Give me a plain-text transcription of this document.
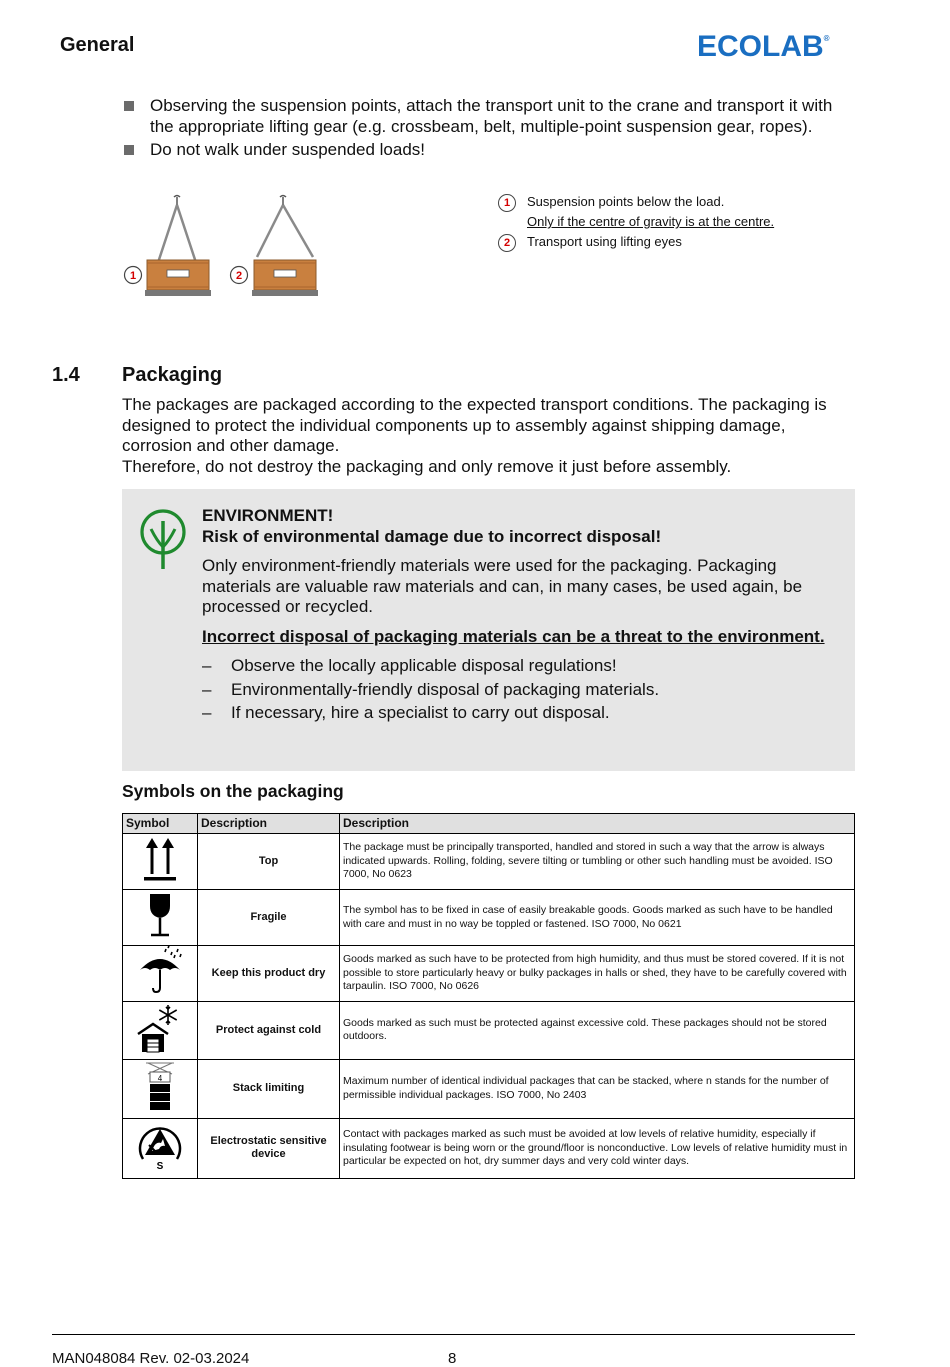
General	ECOLAB®
Observing the suspension points, attach the transport unit to the crane and transport it with the appropriate lifting gear (e.g. crossbeam, belt, multiple-point suspension gear, ropes).
Do not walk under suspended loads!
1	2
1	Suspension points below the load.
Only if the centre of gravity is at the centre.
2	Transport using lifting eyes
1.4 Packaging

The packages are packaged according to the expected transport conditions. The packaging is designed to protect the individual components up to assembly against shipping damage, corrosion and other damage.

Therefore, do not destroy the packaging and only remove it just before assembly.

ENVIRONMENT!

Risk of environmental damage due to incorrect disposal!

Only environment-friendly materials were used for the packaging. Packaging materials are valuable raw materials and can, in many cases, be used again, be processed or recycled.

Incorrect disposal of packaging materials can be a threat to the environment.

– Observe the locally applicable disposal regulations!
– Environmentally-friendly disposal of packaging materials.
– If necessary, hire a specialist to carry out disposal.
Symbols on the packaging
Symbol	Description	Description
	Top	The package must be principally transported, handled and stored in such a way that the arrow is always indicated upwards. Rolling, folding, severe tilting or tumbling or other such handling must be avoided. ISO 7000, No 0623
	Fragile	The symbol has to be fixed in case of easily breakable goods. Goods marked as such have to be handled with care and must in no way be toppled or fastened. ISO 7000, No 0621
	Keep this product dry	Goods marked as such have to be protected from high humidity, and thus must be stored covered. If it is not possible to store particularly heavy or bulky packages in halls or shed, they have to be carefully covered with tarpaulin. ISO 7000, No 0626
	Protect against cold	Goods marked as such must be protected against excessive cold. These packages should not be stored outdoors.

4	Stack limiting	Maximum number of identical individual packages that can be stacked, where n stands for the number of permissible individual packages. ISO 7000, No 2403

S	Electrostatic sensitive device	Contact with packages marked as such must be avoided at low levels of relative humidity, especially if insulating footwear is being worn or the ground/floor is nonconductive. Low levels of relative humidity must in particular be expected on hot, dry summer days and very cold winter days.
MAN048084 Rev. 02-03.2024	8
